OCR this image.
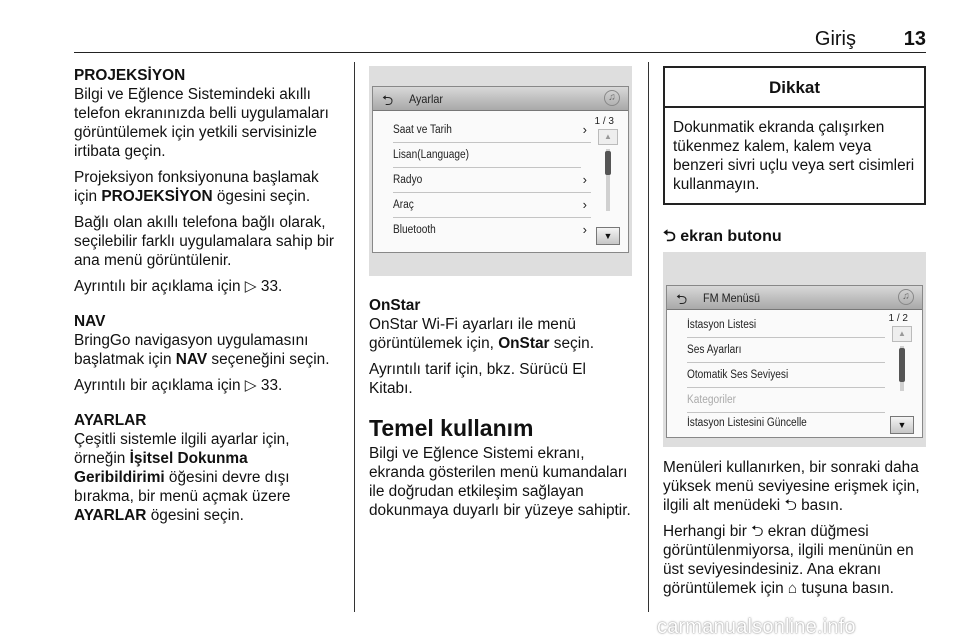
Giriş 13
PROJEKSİYON

Bilgi ve Eğlence Sistemindeki akıllı telefon ekranınızda belli uygulamaları görüntülemek için yetkili servisinizle irtibata geçin.

Projeksiyon fonksiyonuna başlamak için PROJEKSİYON ögesini seçin.

Bağlı olan akıllı telefona bağlı olarak, seçilebilir farklı uygulamalara sahip bir ana menü görüntülenir.

Ayrıntılı bir açıklama için ▷ 33.

NAV

BringGo navigasyon uygulamasını başlatmak için NAV seçeneğini seçin.

Ayrıntılı bir açıklama için ▷ 33.

AYARLAR

Çeşitli sistemle ilgili ayarlar için, örneğin İşitsel Dokunma Geribildirimi öğesini devre dışı bırakma, bir menü açmak üzere AYARLAR ögesini seçin.

⮌ Ayarlar	♫
Saat ve Tarih	›
Lisan(Language)
Radyo	›
Araç	›
Bluetooth	›
1 / 3
▲
▼
OnStar

OnStar Wi-Fi ayarları ile menü görüntülemek için, OnStar seçin.

Ayrıntılı tarif için, bkz. Sürücü El Kitabı.

Temel kullanım

Bilgi ve Eğlence Sistemi ekranı, ekranda gösterilen menü kumandaları ile doğrudan etkileşim sağlayan dokunmaya duyarlı bir yüzeye sahiptir.

Dikkat
Dokunmatik ekranda çalışırken tükenmez kalem, kalem veya benzeri sivri uçlu veya sert cisimleri kullanmayın.
⮌ ekran butonu
⮌ FM Menüsü	♫
İstasyon Listesi
Ses Ayarları
Otomatik Ses Seviyesi
Kategoriler
1 / 2
▲
İstasyon Listesini Güncelle	▼

Menüleri kullanırken, bir sonraki daha yüksek menü seviyesine erişmek için, ilgili alt menüdeki ⮌ basın.

Herhangi bir ⮌ ekran düğmesi görüntülenmiyorsa, ilgili menünün en üst seviyesindesiniz. Ana ekranı görüntülemek için ⌂ tuşuna basın.

carmanualsonline.info
